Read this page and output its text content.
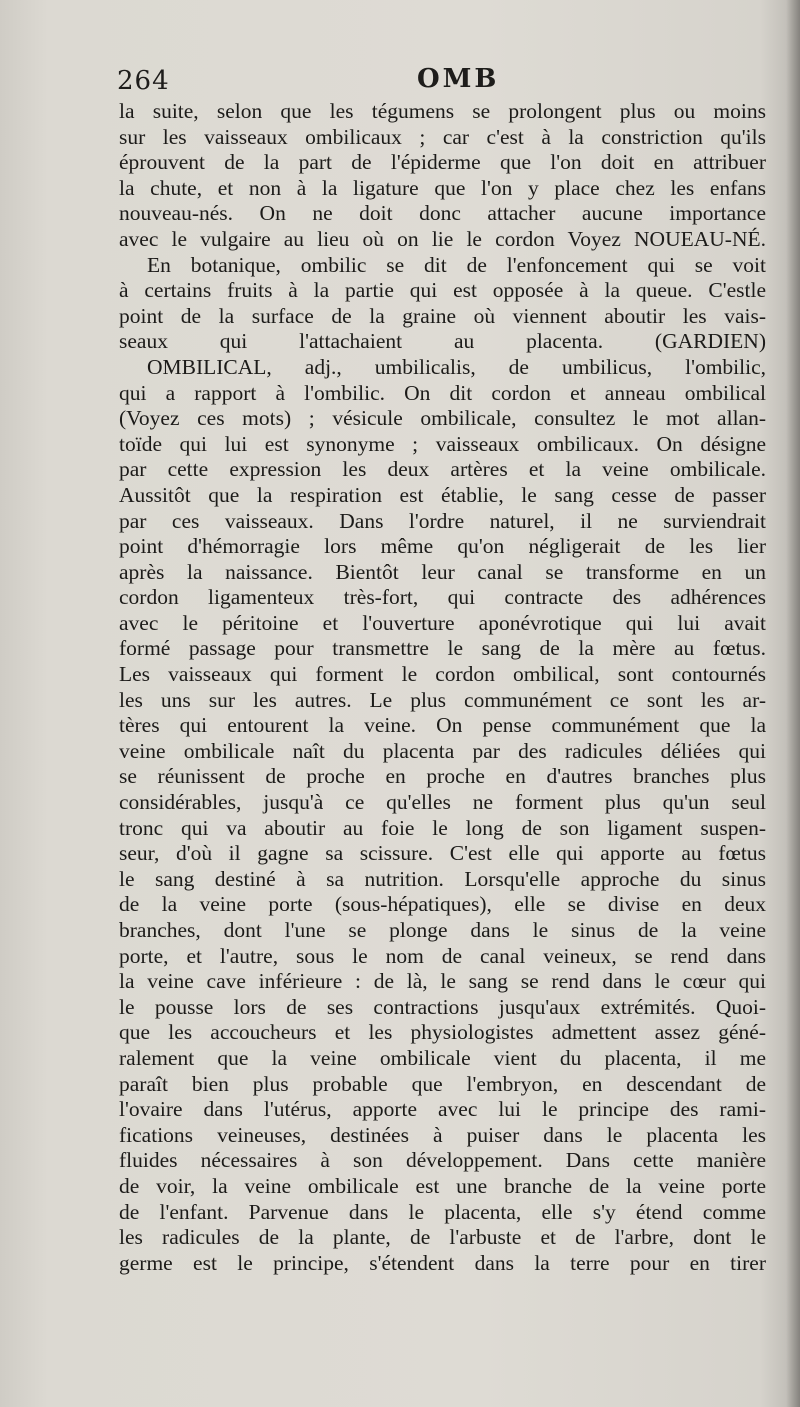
264	OMB
la suite, selon que les tégumens se prolongent plus ou moins
sur les vaisseaux ombilicaux ; car c'est à la constriction qu'ils
éprouvent de la part de l'épiderme que l'on doit en attribuer
la chute, et non à la ligature que l'on y place chez les enfans
nouveau-nés. On ne doit donc attacher aucune importance
avec le vulgaire au lieu où on lie le cordon Voyez NOUEAU-NÉ.
En botanique, ombilic se dit de l'enfoncement qui se voit
à certains fruits à la partie qui est opposée à la queue. C'estle
point de la surface de la graine où viennent aboutir les vais-
seaux qui l'attachaient au placenta. (GARDIEN)
OMBILICAL, adj., umbilicalis, de umbilicus, l'ombilic,
qui a rapport à l'ombilic. On dit cordon et anneau ombilical
(Voyez ces mots) ; vésicule ombilicale, consultez le mot allan-
toïde qui lui est synonyme ; vaisseaux ombilicaux. On désigne
par cette expression les deux artères et la veine ombilicale.
Aussitôt que la respiration est établie, le sang cesse de passer
par ces vaisseaux. Dans l'ordre naturel, il ne surviendrait
point d'hémorragie lors même qu'on négligerait de les lier
après la naissance. Bientôt leur canal se transforme en un
cordon ligamenteux très-fort, qui contracte des adhérences
avec le péritoine et l'ouverture aponévrotique qui lui avait
formé passage pour transmettre le sang de la mère au fœtus.
Les vaisseaux qui forment le cordon ombilical, sont contournés
les uns sur les autres. Le plus communément ce sont les ar-
tères qui entourent la veine. On pense communément que la
veine ombilicale naît du placenta par des radicules déliées qui
se réunissent de proche en proche en d'autres branches plus
considérables, jusqu'à ce qu'elles ne forment plus qu'un seul
tronc qui va aboutir au foie le long de son ligament suspen-
seur, d'où il gagne sa scissure. C'est elle qui apporte au fœtus
le sang destiné à sa nutrition. Lorsqu'elle approche du sinus
de la veine porte (sous-hépatiques), elle se divise en deux
branches, dont l'une se plonge dans le sinus de la veine
porte, et l'autre, sous le nom de canal veineux, se rend dans
la veine cave inférieure : de là, le sang se rend dans le cœur qui
le pousse lors de ses contractions jusqu'aux extrémités. Quoi-
que les accoucheurs et les physiologistes admettent assez géné-
ralement que la veine ombilicale vient du placenta, il me
paraît bien plus probable que l'embryon, en descendant de
l'ovaire dans l'utérus, apporte avec lui le principe des rami-
fications veineuses, destinées à puiser dans le placenta les
fluides nécessaires à son développement. Dans cette manière
de voir, la veine ombilicale est une branche de la veine porte
de l'enfant. Parvenue dans le placenta, elle s'y étend comme
les radicules de la plante, de l'arbuste et de l'arbre, dont le
germe est le principe, s'étendent dans la terre pour en tirer
